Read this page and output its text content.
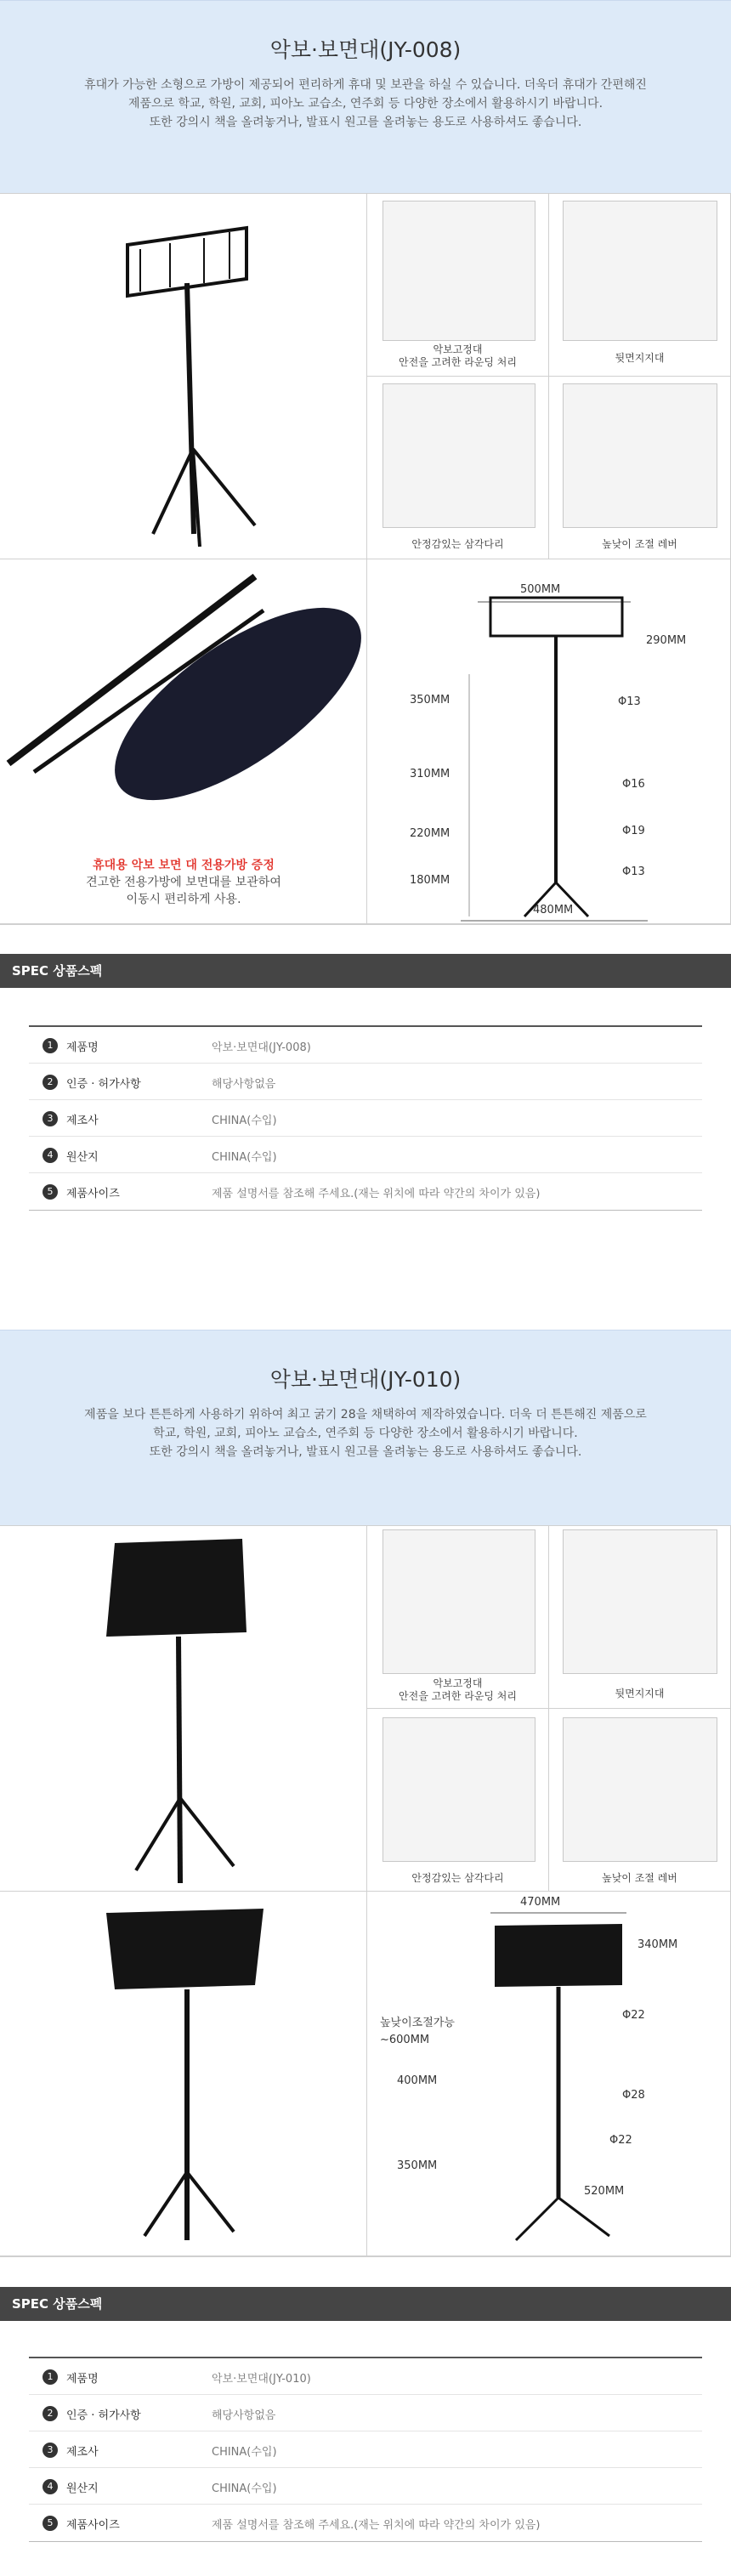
악보·보면대(JY-008)
휴대가 가능한 소형으로 가방이 제공되어 편리하게 휴대 및 보관을 하실 수 있습니다. 더욱더 휴대가 간편해진
제품으로 학교, 학원, 교회, 피아노 교습소, 연주회 등 다양한 장소에서 활용하시기 바랍니다.
또한 강의시 책을 올려놓거나, 발표시 원고를 올려놓는 용도로 사용하셔도 좋습니다.
악보고정대
안전을 고려한 라운딩 처리	뒷면지지대
안정감있는 삼각다리	높낮이 조절 레버
휴대용 악보 보면 대 전용가방 증정
견고한 전용가방에 보면대를 보관하여
이동시 편리하게 사용.
500MM
290MM
350MM
310MM
220MM
180MM
480MM
Φ13
Φ16
Φ19
Φ13
SPEC 상품스펙
1	제품명	악보·보면대(JY-008)
2	인증 · 허가사항	해당사항없음
3	제조사	CHINA(수입)
4	원산지	CHINA(수입)
5	제품사이즈	제품 설명서를 참조해 주세요.(재는 위치에 따라 약간의 차이가 있음)
악보·보면대(JY-010)
제품을 보다 튼튼하게 사용하기 위하여 최고 굵기 28을 채택하여 제작하였습니다. 더욱 더 튼튼해진 제품으로
학교, 학원, 교회, 피아노 교습소, 연주회 등 다양한 장소에서 활용하시기 바랍니다.
또한 강의시 책을 올려놓거나, 발표시 원고를 올려놓는 용도로 사용하셔도 좋습니다.
악보고정대
안전을 고려한 라운딩 처리	뒷면지지대
안정감있는 삼각다리	높낮이 조절 레버
470MM
340MM
높낮이조절가능
~600MM
400MM
350MM
Φ22
Φ28
Φ22
520MM
SPEC 상품스펙
1	제품명	악보·보면대(JY-010)
2	인증 · 허가사항	해당사항없음
3	제조사	CHINA(수입)
4	원산지	CHINA(수입)
5	제품사이즈	제품 설명서를 참조해 주세요.(재는 위치에 따라 약간의 차이가 있음)
